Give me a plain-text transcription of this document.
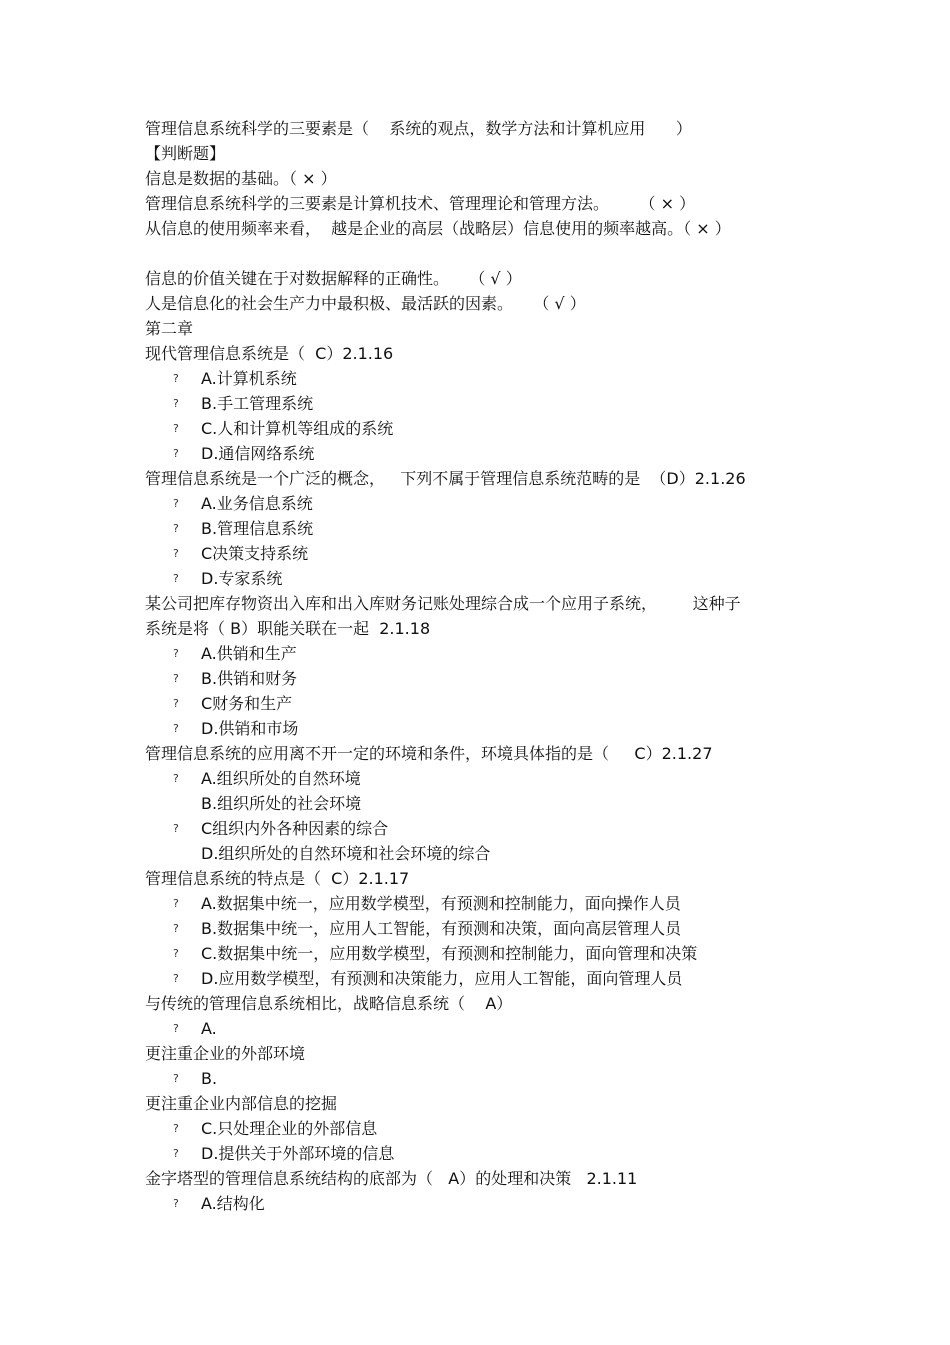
管理信息系统科学的三要素是（    系统的观点，数学方法和计算机应用      ）
【判断题】
信息是数据的基础。（ × ）
管理信息系统科学的三要素是计算机技术、管理理论和管理方法。      （ × ）
从信息的使用频率来看，  越是企业的高层（战略层）信息使用的频率越高。（ × ）
信息的价值关键在于对数据解释的正确性。    （ √ ）
人是信息化的社会生产力中最积极、最活跃的因素。    （ √ ）
第二章
现代管理信息系统是（  C）2.1.16
? A.计算机系统
? B.手工管理系统
? C.人和计算机等组成的系统
? D.通信网络系统
管理信息系统是一个广泛的概念，   下列不属于管理信息系统范畴的是  （D）2.1.26
? A.业务信息系统
? B.管理信息系统
? C决策支持系统
? D.专家系统
某公司把库存物资出入库和出入库财务记账处理综合成一个应用子系统，       这种子
系统是将（ B）职能关联在一起  2.1.18
? A.供销和生产
? B.供销和财务
? C财务和生产
? D.供销和市场
管理信息系统的应用离不开一定的环境和条件，环境具体指的是（     C）2.1.27
? A.组织所处的自然环境
B.组织所处的社会环境
? C组织内外各种因素的综合
D.组织所处的自然环境和社会环境的综合
管理信息系统的特点是（  C）2.1.17
? A.数据集中统一，应用数学模型，有预测和控制能力，面向操作人员
? B.数据集中统一，应用人工智能，有预测和决策，面向高层管理人员
? C.数据集中统一，应用数学模型，有预测和控制能力，面向管理和决策
? D.应用数学模型，有预测和决策能力，应用人工智能，面向管理人员
与传统的管理信息系统相比，战略信息系统（    A）
? A.
更注重企业的外部环境
? B.
更注重企业内部信息的挖掘
? C.只处理企业的外部信息
? D.提供关于外部环境的信息
金字塔型的管理信息系统结构的底部为（   A）的处理和决策   2.1.11
? A.结构化
